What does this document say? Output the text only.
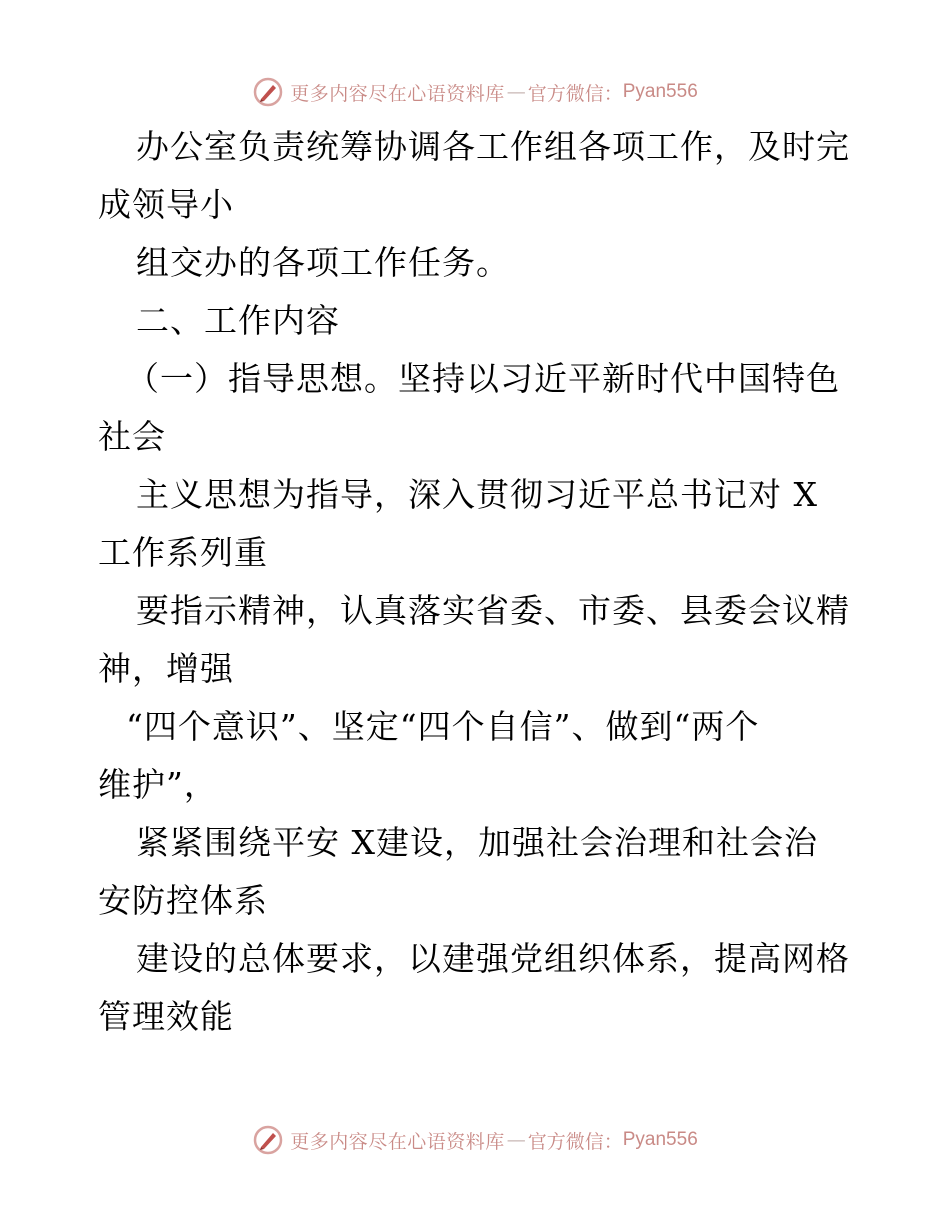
更多内容尽在心语资料库 — 官方微信： Pyan556
办公室负责统筹协调各工作组各项工作，及时完
成领导小
组交办的各项工作任务。
二、工作内容
（一）指导思想。坚持以习近平新时代中国特色
社会
主义思想为指导，深入贯彻习近平总书记对 X
工作系列重
要指示精神，认真落实省委、市委、县委会议精
神，增强
“四个意识”、坚定“四个自信”、做到“两个
维护”，
紧紧围绕平安 X建设，加强社会治理和社会治
安防控体系
建设的总体要求，以建强党组织体系，提高网格
管理效能
更多内容尽在心语资料库 — 官方微信： Pyan556
